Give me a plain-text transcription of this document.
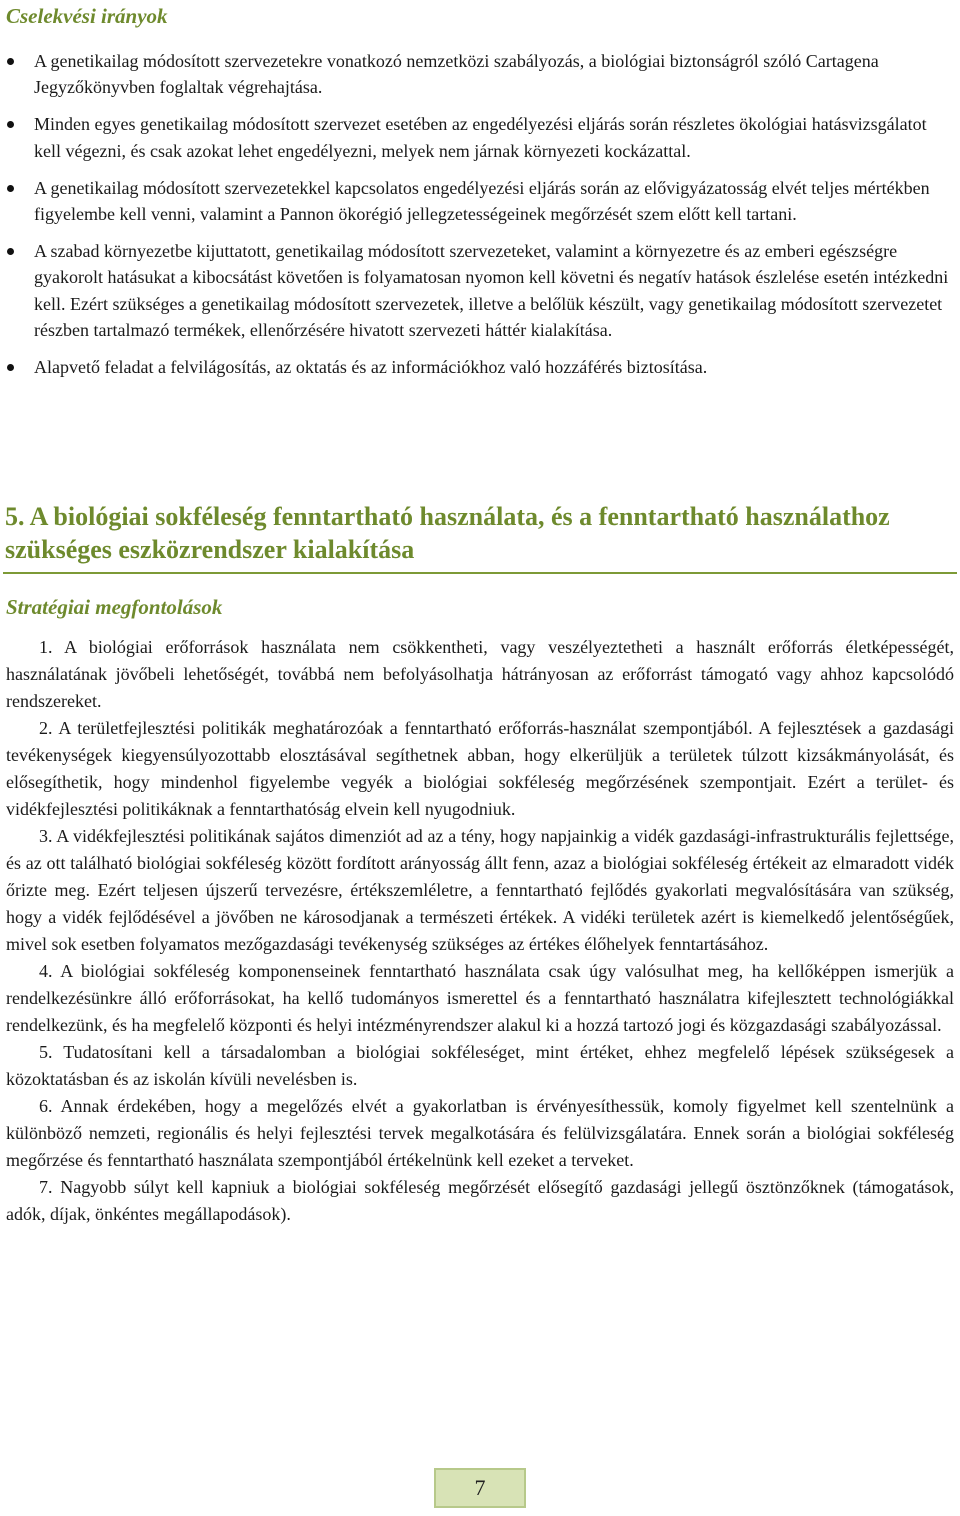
Cselekvési irányok
A genetikailag módosított szervezetekre vonatkozó nemzetközi szabályozás, a biológiai biztonságról szóló Cartagena Jegyzőkönyvben foglaltak végrehajtása.
Minden egyes genetikailag módosított szervezet esetében az engedélyezési eljárás során részletes ökológiai hatásvizsgálatot kell végezni, és csak azokat lehet engedélyezni, melyek nem járnak környezeti kockázattal.
A genetikailag módosított szervezetekkel kapcsolatos engedélyezési eljárás során az elővigyázatosság elvét teljes mértékben figyelembe kell venni, valamint a Pannon ökorégió jellegzetességeinek megőrzését szem előtt kell tartani.
A szabad környezetbe kijuttatott, genetikailag módosított szervezeteket, valamint a környezetre és az emberi egészségre gyakorolt hatásukat a kibocsátást követően is folyamatosan nyomon kell követni és negatív hatások észlelése esetén intézkedni kell. Ezért szükséges a genetikailag módosított szervezetek, illetve a belőlük készült, vagy genetikailag módosított szervezetet részben tartalmazó termékek, ellenőrzésére hivatott szervezeti háttér kialakítása.
Alapvető feladat a felvilágosítás, az oktatás és az információkhoz való hozzáférés biztosítása.
5. A biológiai sokféleség fenntartható használata, és a fenntartható használathoz szükséges eszközrendszer kialakítása
Stratégiai megfontolások

1. A biológiai erőforrások használata nem csökkentheti, vagy veszélyeztetheti a használt erőforrás életképességét, használatának jövőbeli lehetőségét, továbbá nem befolyásolhatja hátrányosan az erőforrást támogató vagy ahhoz kapcsolódó rendszereket.

2. A területfejlesztési politikák meghatározóak a fenntartható erőforrás-használat szempontjából. A fejlesztések a gazdasági tevékenységek kiegyensúlyozottabb elosztásával segíthetnek abban, hogy elkerüljük a területek túlzott kizsákmányolását, és elősegíthetik, hogy mindenhol figyelembe vegyék a biológiai sokféleség megőrzésének szempontjait. Ezért a terület- és vidékfejlesztési politikáknak a fenntarthatóság elvein kell nyugodniuk.

3. A vidékfejlesztési politikának sajátos dimenziót ad az a tény, hogy napjainkig a vidék gazdasági-infrastrukturális fejlettsége, és az ott található biológiai sokféleség között fordított arányosság állt fenn, azaz a biológiai sokféleség értékeit az elmaradott vidék őrizte meg. Ezért teljesen újszerű tervezésre, értékszemléletre, a fenntartható fejlődés gyakorlati megvalósítására van szükség, hogy a vidék fejlődésével a jövőben ne károsodjanak a természeti értékek. A vidéki területek azért is kiemelkedő jelentőségűek, mivel sok esetben folyamatos mezőgazdasági tevékenység szükséges az értékes élőhelyek fenntartásához.

4. A biológiai sokféleség komponenseinek fenntartható használata csak úgy valósulhat meg, ha kellőképpen ismerjük a rendelkezésünkre álló erőforrásokat, ha kellő tudományos ismerettel és a fenntartható használatra kifejlesztett technológiákkal rendelkezünk, és ha megfelelő központi és helyi intézményrendszer alakul ki a hozzá tartozó jogi és közgazdasági szabályozással.

5. Tudatosítani kell a társadalomban a biológiai sokféleséget, mint értéket, ehhez megfelelő lépések szükségesek a közoktatásban és az iskolán kívüli nevelésben is.

6. Annak érdekében, hogy a megelőzés elvét a gyakorlatban is érvényesíthessük, komoly figyelmet kell szentelnünk a különböző nemzeti, regionális és helyi fejlesztési tervek megalkotására és felülvizsgálatára. Ennek során a biológiai sokféleség megőrzése és fenntartható használata szempontjából értékelnünk kell ezeket a terveket.

7. Nagyobb súlyt kell kapniuk a biológiai sokféleség megőrzését elősegítő gazdasági jellegű ösztönzőknek (támogatások, adók, díjak, önkéntes megállapodások).

7
